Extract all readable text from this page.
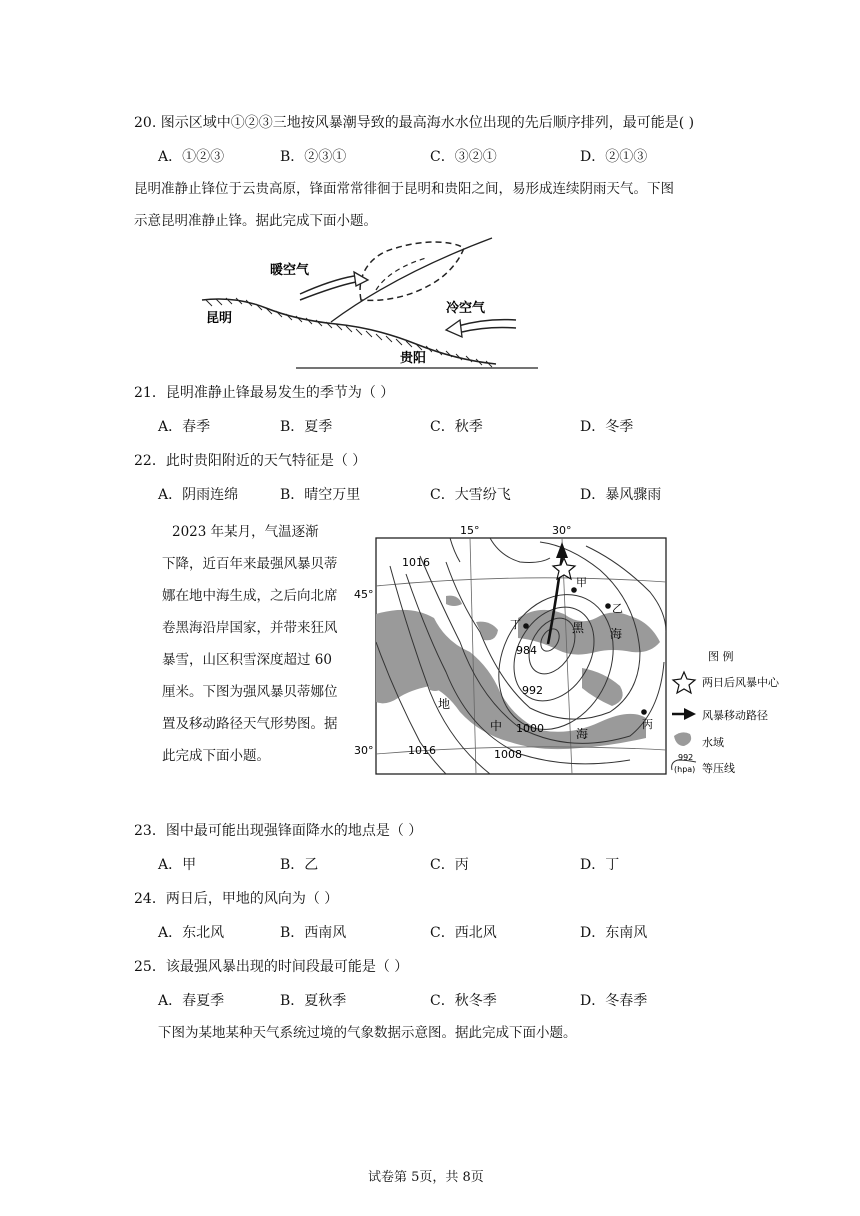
20. 图示区域中①②③三地按风暴潮导致的最高海水水位出现的先后顺序排列，最可能是( )
A．①②③	B．②③①	C．③②①	D．②①③
昆明准静止锋位于云贵高原，锋面常常徘徊于昆明和贵阳之间，易形成连续阴雨天气。下图
示意昆明准静止锋。据此完成下面小题。
暖空气
冷空气
昆明
贵阳
21．昆明准静止锋最易发生的季节为（ ）
A．春季	B．夏季	C．秋季	D．冬季
22．此时贵阳附近的天气特征是（ ）
A．阴雨连绵	B．晴空万里	C．大雪纷飞	D．暴风骤雨
2023 年某月，气温逐渐
下降，近百年来最强风暴贝蒂
娜在地中海生成，之后向北席
卷黑海沿岸国家，并带来狂风
暴雪，山区积雪深度超过 60
厘米。下图为强风暴贝蒂娜位
置及移动路径天气形势图。据
此完成下面小题。
15°	30°
45°
30°
1016
1016
984
992
1000
1008
甲
乙
丙
丁	黑 海
地
中
海
图 例
两日后风暴中心
风暴移动路径
水域
992
(hpa) 等压线
23．图中最可能出现强锋面降水的地点是（ ）
A．甲	B．乙	C．丙	D．丁
24．两日后，甲地的风向为（ ）
A．东北风	B．西南风	C．西北风	D．东南风
25．该最强风暴出现的时间段最可能是（ ）
A．春夏季	B．夏秋季	C．秋冬季	D．冬春季
下图为某地某种天气系统过境的气象数据示意图。据此完成下面小题。
试卷第 5页，共 8页
